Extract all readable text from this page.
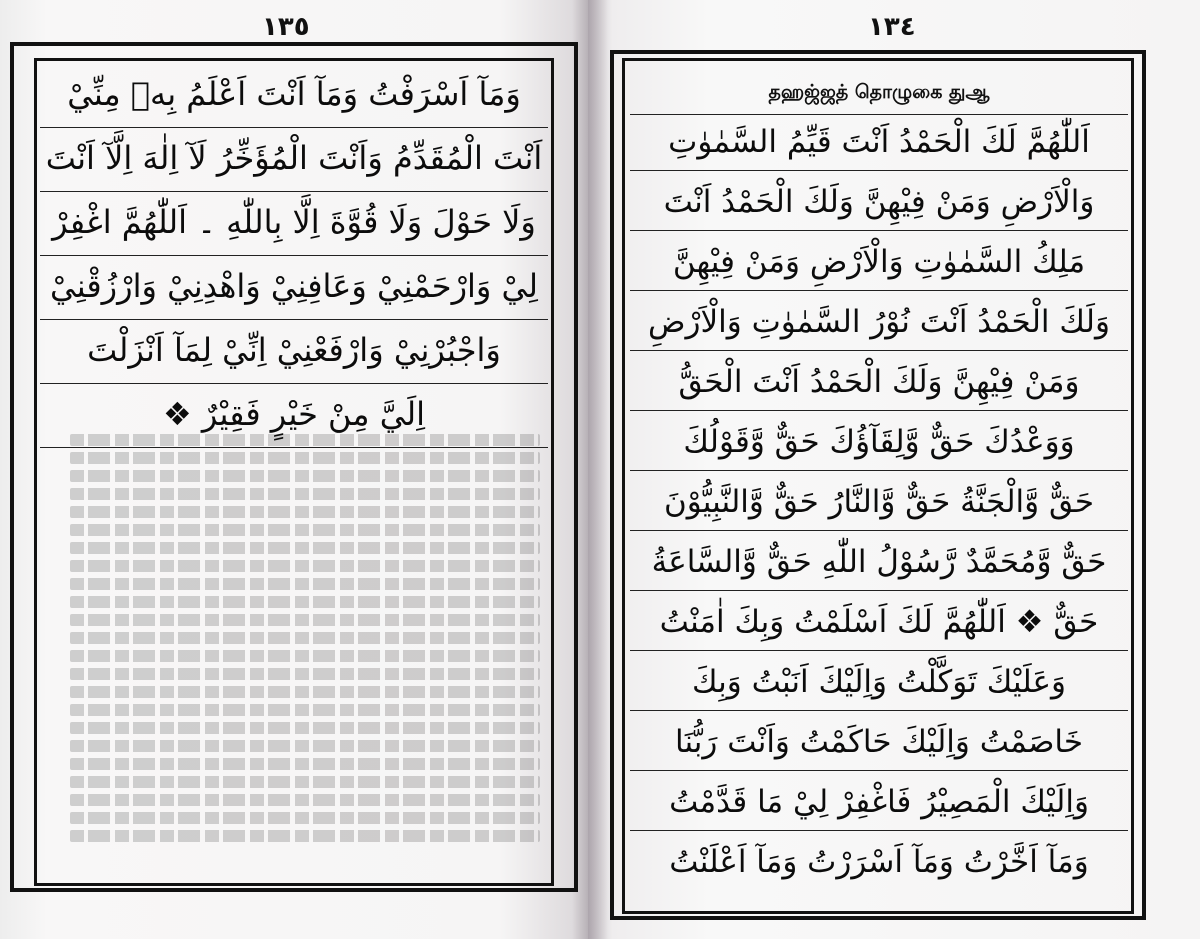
١٣٥	١٣٤
وَمَآ اَسْرَفْتُ وَمَآ اَنْتَ اَعْلَمُ بِهٖ مِنِّيْ
اَنْتَ الْمُقَدِّمُ وَاَنْتَ الْمُؤَخِّرُ لَآ اِلٰهَ اِلَّآ اَنْتَ
وَلَا حَوْلَ وَلَا قُوَّةَ اِلَّا بِاللّٰهِ ۔ اَللّٰهُمَّ اغْفِرْ
لِيْ وَارْحَمْنِيْ وَعَافِنِيْ وَاهْدِنِيْ وَارْزُقْنِيْ
وَاجْبُرْنِيْ وَارْفَعْنِيْ اِنِّيْ لِمَآ اَنْزَلْتَ
اِلَيَّ مِنْ خَيْرٍ فَقِيْرٌ ❖
தஹஜ்ஜத் தொழுகை துஆ
اَللّٰهُمَّ لَكَ الْحَمْدُ اَنْتَ قَيِّمُ السَّمٰوٰتِ
وَالْاَرْضِ وَمَنْ فِيْهِنَّ وَلَكَ الْحَمْدُ اَنْتَ
مَلِكُ السَّمٰوٰتِ وَالْاَرْضِ وَمَنْ فِيْهِنَّ
وَلَكَ الْحَمْدُ اَنْتَ نُوْرُ السَّمٰوٰتِ وَالْاَرْضِ
وَمَنْ فِيْهِنَّ وَلَكَ الْحَمْدُ اَنْتَ الْحَقُّ
وَوَعْدُكَ حَقٌّ وَّلِقَآؤُكَ حَقٌّ وَّقَوْلُكَ
حَقٌّ وَّالْجَنَّةُ حَقٌّ وَّالنَّارُ حَقٌّ وَّالنَّبِيُّوْنَ
حَقٌّ وَّمُحَمَّدٌ رَّسُوْلُ اللّٰهِ حَقٌّ وَّالسَّاعَةُ
حَقٌّ ❖ اَللّٰهُمَّ لَكَ اَسْلَمْتُ وَبِكَ اٰمَنْتُ
وَعَلَيْكَ تَوَكَّلْتُ وَاِلَيْكَ اَنَبْتُ وَبِكَ
خَاصَمْتُ وَاِلَيْكَ حَاكَمْتُ وَاَنْتَ رَبُّنَا
وَاِلَيْكَ الْمَصِيْرُ فَاغْفِرْ لِيْ مَا قَدَّمْتُ
وَمَآ اَخَّرْتُ وَمَآ اَسْرَرْتُ وَمَآ اَعْلَنْتُ
